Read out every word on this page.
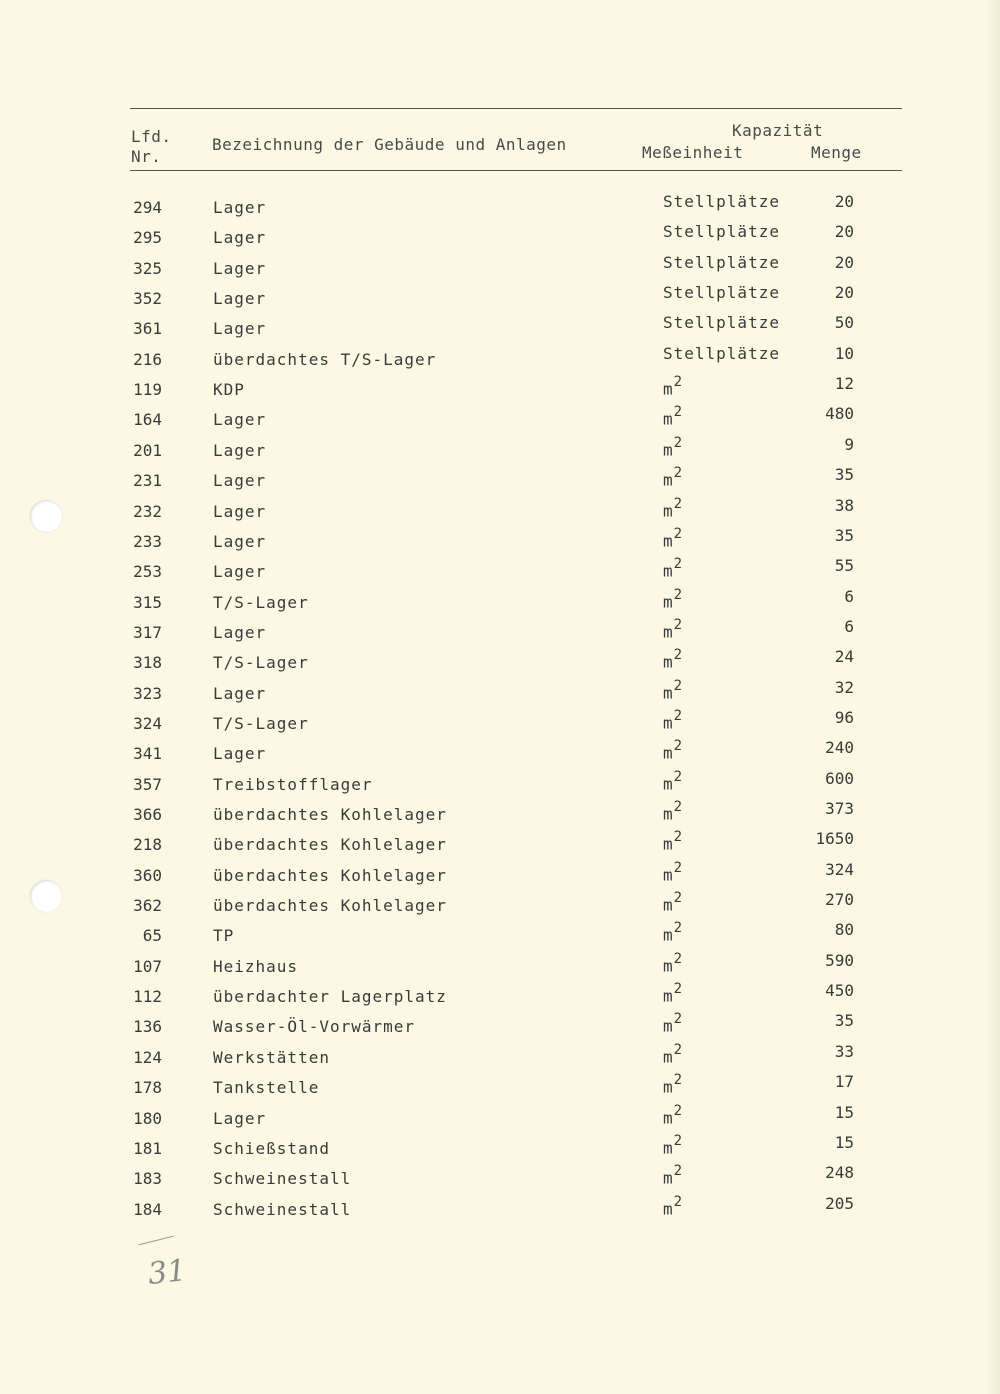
Lfd.
Nr.
Bezeichnung der Gebäude und Anlagen
Kapazität
Meßeinheit	Menge
294	Lager	Stellplätze	20
295	Lager	Stellplätze	20
325	Lager	Stellplätze	20
352	Lager	Stellplätze	20
361	Lager	Stellplätze	50
216	überdachtes T/S-Lager	Stellplätze	10
119	KDP	$m^2$	12
164	Lager	$m^2$	480
201	Lager	$m^2$	9
231	Lager	$m^2$	35
232	Lager	$m^2$	38
233	Lager	$m^2$	35
253	Lager	$m^2$	55
315	T/S-Lager	$m^2$	6
317	Lager	$m^2$	6
318	T/S-Lager	$m^2$	24
323	Lager	$m^2$	32
324	T/S-Lager	$m^2$	96
341	Lager	$m^2$	240
357	Treibstofflager	$m^2$	600
366	überdachtes Kohlelager	$m^2$	373
218	überdachtes Kohlelager	$m^2$	1650
360	überdachtes Kohlelager	$m^2$	324
362	überdachtes Kohlelager	$m^2$	270
65	TP	$m^2$	80
107	Heizhaus	$m^2$	590
112	überdachter Lagerplatz	$m^2$	450
136	Wasser-Öl-Vorwärmer	$m^2$	35
124	Werkstätten	$m^2$	33
178	Tankstelle	$m^2$	17
180	Lager	$m^2$	15
181	Schießstand	$m^2$	15
183	Schweinestall	$m^2$	248
184	Schweinestall	$m^2$	205
31
